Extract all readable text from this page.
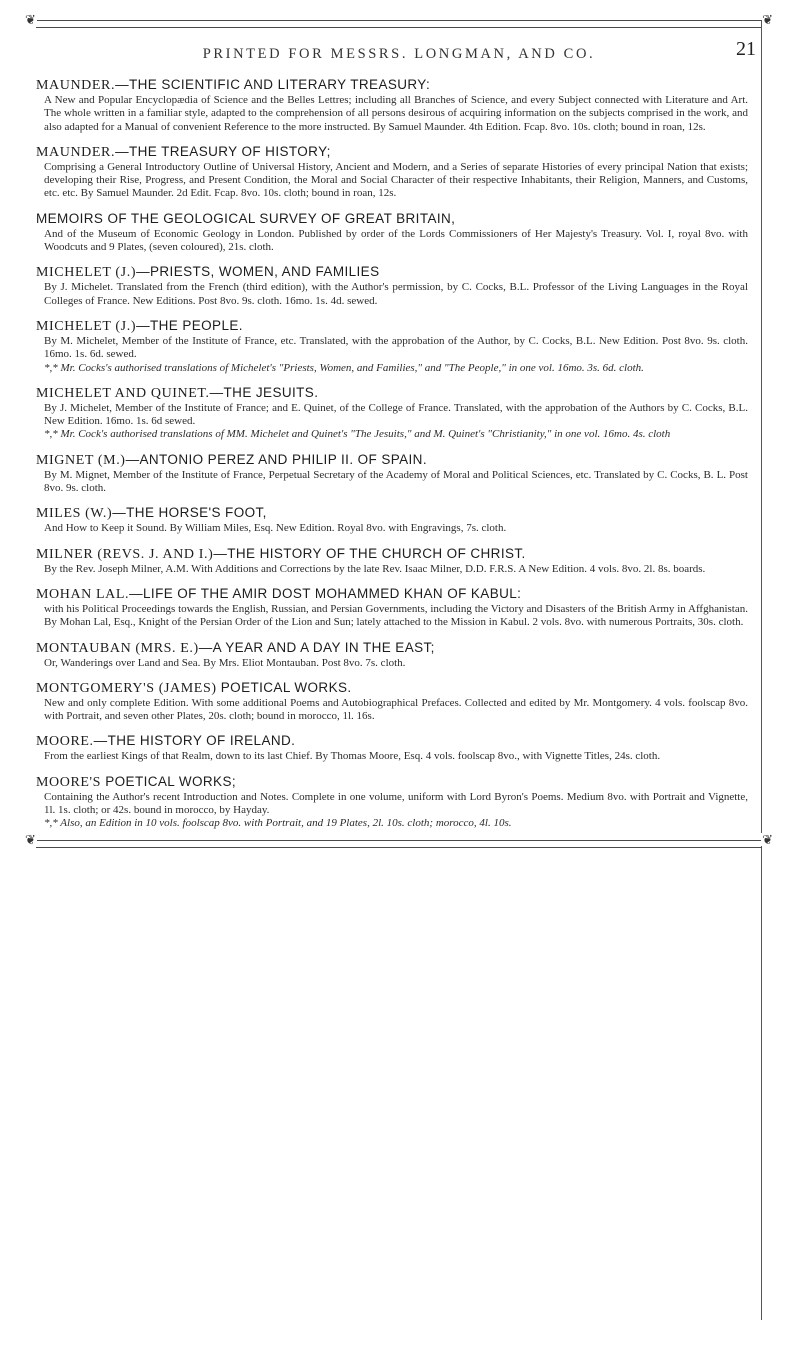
❦	❦
PRINTED FOR MESSRS. LONGMAN, AND CO.	21
MAUNDER.—THE SCIENTIFIC AND LITERARY TREASURY:
A New and Popular Encyclopædia of Science and the Belles Lettres; including all Branches of Science, and every Subject connected with Literature and Art. The whole written in a familiar style, adapted to the comprehension of all persons desirous of acquiring information on the subjects comprised in the work, and also adapted for a Manual of convenient Reference to the more instructed. By Samuel Maunder. 4th Edition. Fcap. 8vo. 10s. cloth; bound in roan, 12s.
MAUNDER.—THE TREASURY OF HISTORY;
Comprising a General Introductory Outline of Universal History, Ancient and Modern, and a Series of separate Histories of every principal Nation that exists; developing their Rise, Progress, and Present Condition, the Moral and Social Character of their respective Inhabitants, their Religion, Manners, and Customs, etc. etc. By Samuel Maunder. 2d Edit. Fcap. 8vo. 10s. cloth; bound in roan, 12s.
MEMOIRS OF THE GEOLOGICAL SURVEY OF GREAT BRITAIN,
And of the Museum of Economic Geology in London. Published by order of the Lords Commissioners of Her Majesty's Treasury. Vol. I, royal 8vo. with Woodcuts and 9 Plates, (seven coloured), 21s. cloth.
MICHELET (J.)—PRIESTS, WOMEN, AND FAMILIES
By J. Michelet. Translated from the French (third edition), with the Author's permission, by C. Cocks, B.L. Professor of the Living Languages in the Royal Colleges of France. New Editions. Post 8vo. 9s. cloth. 16mo. 1s. 4d. sewed.
MICHELET (J.)—THE PEOPLE.
By M. Michelet, Member of the Institute of France, etc. Translated, with the approbation of the Author, by C. Cocks, B.L. New Edition. Post 8vo. 9s. cloth. 16mo. 1s. 6d. sewed.
*,* Mr. Cocks's authorised translations of Michelet's "Priests, Women, and Families," and "The People," in one vol. 16mo. 3s. 6d. cloth.
MICHELET AND QUINET.—THE JESUITS.
By J. Michelet, Member of the Institute of France; and E. Quinet, of the College of France. Translated, with the approbation of the Authors by C. Cocks, B.L. New Edition. 16mo. 1s. 6d sewed.
*,* Mr. Cock's authorised translations of MM. Michelet and Quinet's "The Jesuits," and M. Quinet's "Christianity," in one vol. 16mo. 4s. cloth
MIGNET (M.)—ANTONIO PEREZ AND PHILIP II. OF SPAIN.
By M. Mignet, Member of the Institute of France, Perpetual Secretary of the Academy of Moral and Political Sciences, etc. Translated by C. Cocks, B. L. Post 8vo. 9s. cloth.
MILES (W.)—THE HORSE'S FOOT,
And How to Keep it Sound. By William Miles, Esq. New Edition. Royal 8vo. with Engravings, 7s. cloth.
MILNER (REVS. J. AND I.)—THE HISTORY OF THE CHURCH OF CHRIST.
By the Rev. Joseph Milner, A.M. With Additions and Corrections by the late Rev. Isaac Milner, D.D. F.R.S. A New Edition. 4 vols. 8vo. 2l. 8s. boards.
MOHAN LAL.—LIFE OF THE AMIR DOST MOHAMMED KHAN OF KABUL:
with his Political Proceedings towards the English, Russian, and Persian Governments, including the Victory and Disasters of the British Army in Affghanistan. By Mohan Lal, Esq., Knight of the Persian Order of the Lion and Sun; lately attached to the Mission in Kabul. 2 vols. 8vo. with numerous Portraits, 30s. cloth.
MONTAUBAN (MRS. E.)—A YEAR AND A DAY IN THE EAST;
Or, Wanderings over Land and Sea. By Mrs. Eliot Montauban. Post 8vo. 7s. cloth.
MONTGOMERY'S (JAMES) POETICAL WORKS.
New and only complete Edition. With some additional Poems and Autobiographical Prefaces. Collected and edited by Mr. Montgomery. 4 vols. foolscap 8vo. with Portrait, and seven other Plates, 20s. cloth; bound in morocco, 1l. 16s.
MOORE.—THE HISTORY OF IRELAND.
From the earliest Kings of that Realm, down to its last Chief. By Thomas Moore, Esq. 4 vols. foolscap 8vo., with Vignette Titles, 24s. cloth.
MOORE'S POETICAL WORKS;
Containing the Author's recent Introduction and Notes. Complete in one volume, uniform with Lord Byron's Poems. Medium 8vo. with Portrait and Vignette, 1l. 1s. cloth; or 42s. bound in morocco, by Hayday.
*,* Also, an Edition in 10 vols. foolscap 8vo. with Portrait, and 19 Plates, 2l. 10s. cloth; morocco, 4l. 10s.
❦	❦
